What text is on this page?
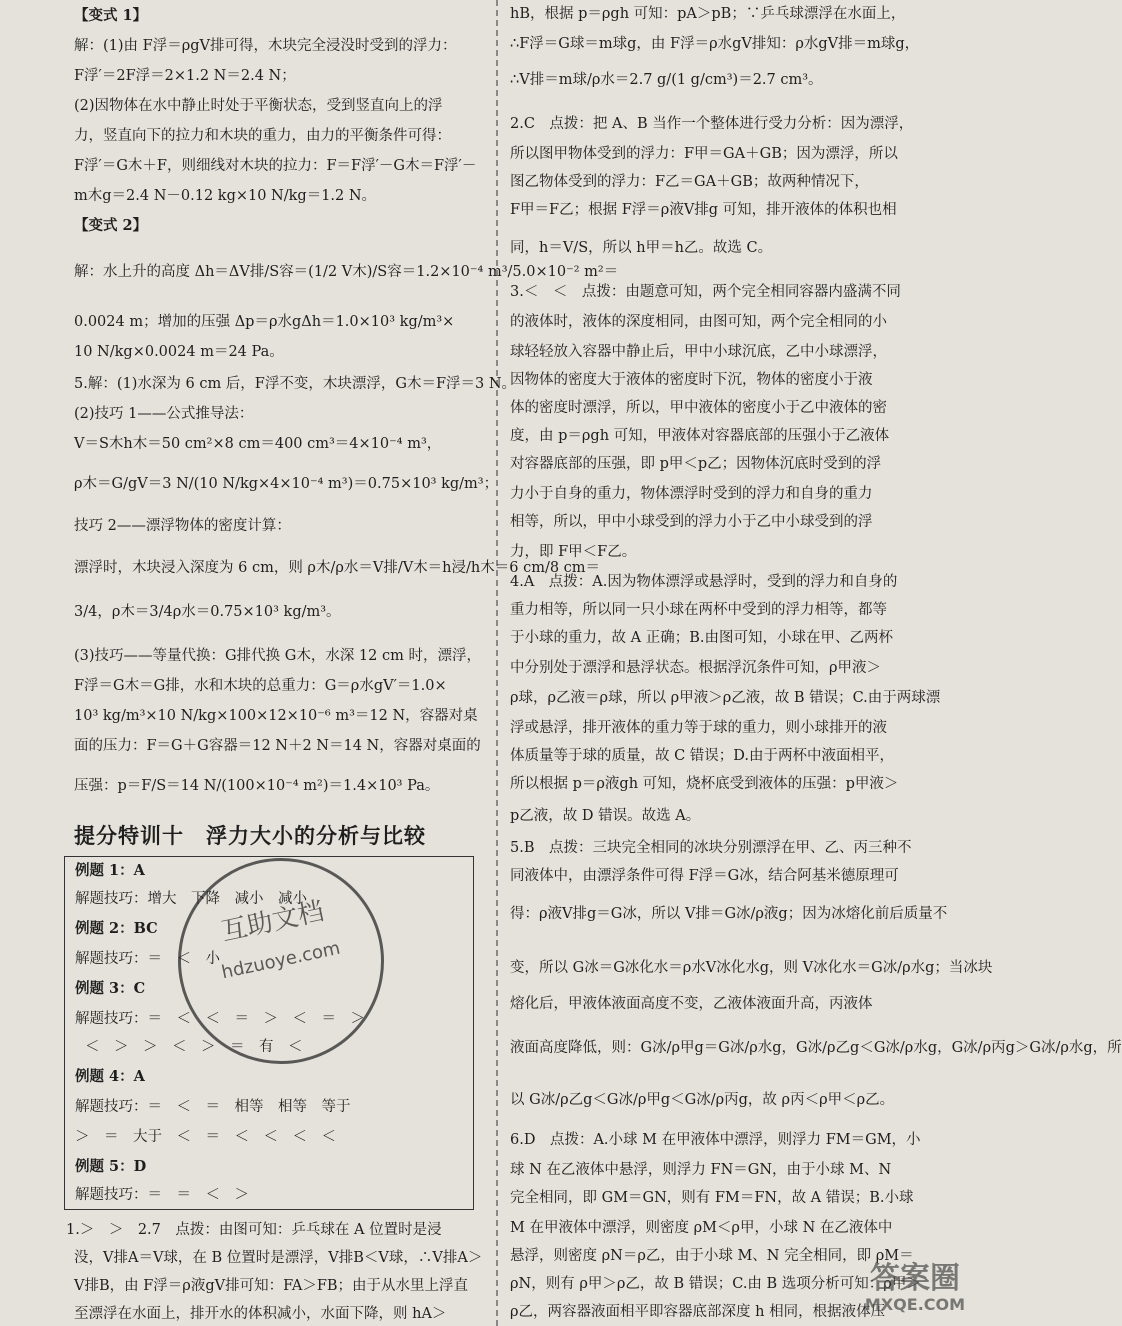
【变式 1】
解：(1)由 F浮＝ρgV排可得，木块完全浸没时受到的浮力：
F浮′＝2F浮＝2×1.2 N＝2.4 N；
(2)因物体在水中静止时处于平衡状态，受到竖直向上的浮
力，竖直向下的拉力和木块的重力，由力的平衡条件可得：
F浮′＝G木＋F，则细线对木块的拉力：F＝F浮′－G木＝F浮′－
m木g＝2.4 N－0.12 kg×10 N/kg＝1.2 N。
【变式 2】
解：水上升的高度 Δh＝ΔV排/S容＝(1/2 V木)/S容＝1.2×10⁻⁴ m³/5.0×10⁻² m²＝
0.0024 m；增加的压强 Δp＝ρ水gΔh＝1.0×10³ kg/m³×
10 N/kg×0.0024 m＝24 Pa。
5.解：(1)水深为 6 cm 后，F浮不变，木块漂浮，G木＝F浮＝3 N。
(2)技巧 1——公式推导法：
V＝S木h木＝50 cm²×8 cm＝400 cm³＝4×10⁻⁴ m³，
ρ木＝G/gV＝3 N/(10 N/kg×4×10⁻⁴ m³)＝0.75×10³ kg/m³；
技巧 2——漂浮物体的密度计算：
漂浮时，木块浸入深度为 6 cm，则 ρ木/ρ水＝V排/V木＝h浸/h木＝6 cm/8 cm＝
3/4，ρ木＝3/4ρ水＝0.75×10³ kg/m³。
(3)技巧——等量代换：G排代换 G木，水深 12 cm 时，漂浮，
F浮＝G木＝G排，水和木块的总重力：G＝ρ水gV′＝1.0×
10³ kg/m³×10 N/kg×100×12×10⁻⁶ m³＝12 N，容器对桌
面的压力：F＝G＋G容器＝12 N＋2 N＝14 N，容器对桌面的
压强：p＝F/S＝14 N/(100×10⁻⁴ m²)＝1.4×10³ Pa。
提分特训十　浮力大小的分析与比较
1.＞　＞　2.7　点拨：由图可知：乒乓球在 A 位置时是浸
没，V排A＝V球，在 B 位置时是漂浮，V排B＜V球，∴V排A＞
V排B，由 F浮＝ρ液gV排可知：FA＞FB；由于从水里上浮直
至漂浮在水面上，排开水的体积减小，水面下降，则 hA＞
例题 1：A
解题技巧：增大　下降　减小　减小
例题 2：BC
解题技巧：＝　＜　小
例题 3：C
解题技巧：＝　＜　＜　＝　＞　＜　＝　＞
＜　＞　＞　＜　＞　＝　有　＜
例题 4：A
解题技巧：＝　＜　＝　相等　相等　等于
＞　＝　大于　＜　＝　＜　＜　＜　＜
例题 5：D
解题技巧：＝　＝　＜　＞
互助文档
hdzuoye.com
hB，根据 p＝ρgh 可知：pA＞pB；∵乒乓球漂浮在水面上，
∴F浮＝G球＝m球g，由 F浮＝ρ水gV排知：ρ水gV排＝m球g，
∴V排＝m球/ρ水＝2.7 g/(1 g/cm³)＝2.7 cm³。
2.C　点拨：把 A、B 当作一个整体进行受力分析：因为漂浮，
所以图甲物体受到的浮力：F甲＝GA＋GB；因为漂浮，所以
图乙物体受到的浮力：F乙＝GA＋GB；故两种情况下，
F甲＝F乙；根据 F浮＝ρ液V排g 可知，排开液体的体积也相
同，h＝V/S，所以 h甲＝h乙。故选 C。
3.＜　＜　点拨：由题意可知，两个完全相同容器内盛满不同
的液体时，液体的深度相同，由图可知，两个完全相同的小
球轻轻放入容器中静止后，甲中小球沉底，乙中小球漂浮，
因物体的密度大于液体的密度时下沉，物体的密度小于液
体的密度时漂浮，所以，甲中液体的密度小于乙中液体的密
度，由 p＝ρgh 可知，甲液体对容器底部的压强小于乙液体
对容器底部的压强，即 p甲＜p乙；因物体沉底时受到的浮
力小于自身的重力，物体漂浮时受到的浮力和自身的重力
相等，所以，甲中小球受到的浮力小于乙中小球受到的浮
力，即 F甲＜F乙。
4.A　点拨：A.因为物体漂浮或悬浮时，受到的浮力和自身的
重力相等，所以同一只小球在两杯中受到的浮力相等，都等
于小球的重力，故 A 正确；B.由图可知，小球在甲、乙两杯
中分别处于漂浮和悬浮状态。根据浮沉条件可知，ρ甲液＞
ρ球，ρ乙液＝ρ球，所以 ρ甲液＞ρ乙液，故 B 错误；C.由于两球漂
浮或悬浮，排开液体的重力等于球的重力，则小球排开的液
体质量等于球的质量，故 C 错误；D.由于两杯中液面相平，
所以根据 p＝ρ液gh 可知，烧杯底受到液体的压强：p甲液＞
p乙液，故 D 错误。故选 A。
5.B　点拨：三块完全相同的冰块分别漂浮在甲、乙、丙三种不
同液体中，由漂浮条件可得 F浮＝G冰，结合阿基米德原理可
得：ρ液V排g＝G冰，所以 V排＝G冰/ρ液g；因为冰熔化前后质量不
变，所以 G冰＝G冰化水＝ρ水V冰化水g，则 V冰化水＝G冰/ρ水g；当冰块
熔化后，甲液体液面高度不变，乙液体液面升高，丙液体
液面高度降低，则：G冰/ρ甲g＝G冰/ρ水g，G冰/ρ乙g＜G冰/ρ水g，G冰/ρ丙g＞G冰/ρ水g，所
以 G冰/ρ乙g＜G冰/ρ甲g＜G冰/ρ丙g，故 ρ丙＜ρ甲＜ρ乙。
6.D　点拨：A.小球 M 在甲液体中漂浮，则浮力 FM＝GM，小
球 N 在乙液体中悬浮，则浮力 FN＝GN，由于小球 M、N
完全相同，即 GM＝GN，则有 FM＝FN，故 A 错误；B.小球
M 在甲液体中漂浮，则密度 ρM＜ρ甲，小球 N 在乙液体中
悬浮，则密度 ρN＝ρ乙，由于小球 M、N 完全相同，即 ρM＝
ρN，则有 ρ甲＞ρ乙，故 B 错误；C.由 B 选项分析可知：ρ甲＞
ρ乙，两容器液面相平即容器底部深度 h 相同，根据液体压
答案圈
MXQE.COM
